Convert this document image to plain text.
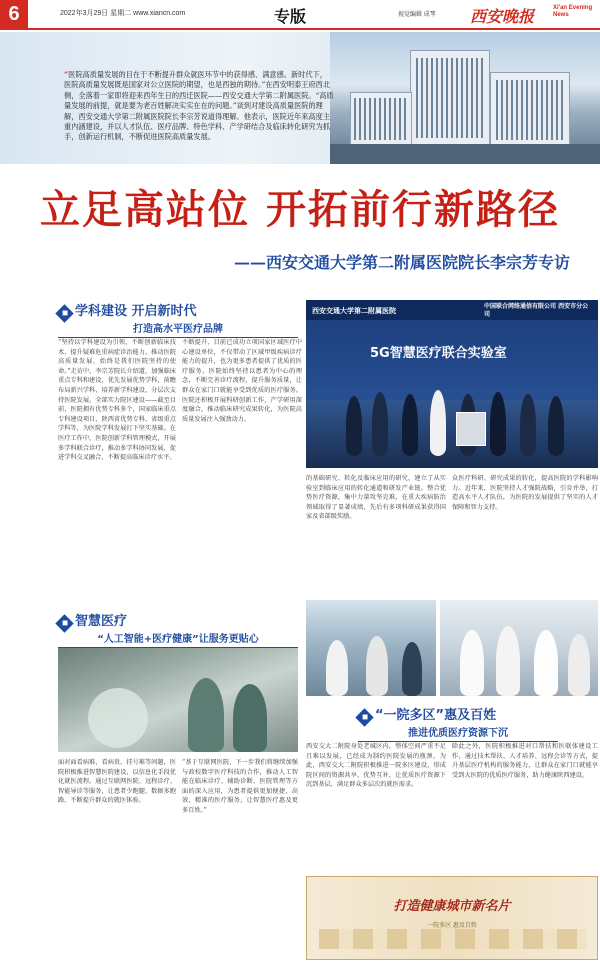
6	2022年3月29日 星期二 www.xiancn.com	专版	视觉编辑 成琴 西安晚报	Xi'an Evening News
“医院高质量发展的目在于不断提升群众就医环节中的获得感、满意感。新时代下，医院高质量发展既是国家对公立医院的期望，也是西独的期待。”在西安明泰王府西北侧，全落着一家即将迎来西年生日的西迁医院——西安交通大学第二附属医院。“高质量发展的前提，就是要为老百姓解决实实在在的问题。”谈到对建设高质量医院的理解，西安交通大学第二附属医院院长李宗芳说道得理解。他表示，医院近年来高度主重内涵建设，并以人才队伍、医疗品牌、特色学科、产学研结合及临床转化研究为抓手，创新运行机制，不断促进医院高质量发展。
立足高站位 开拓前行新路径
——西安交通大学第二附属医院院长李宗芳专访
◆ 学科建设 开启新时代
打造高水平医疗品牌
“坚持以学科建设为引领，不断创新临床技术，提升疑难危重病症诊治能力，推动医院高质量发展，始终是我们医院坚持的使命。”走访中，李宗芳院长介绍道，加强临床重点专科和建设，优先发展优势学科，前瞻布局新兴学科，培养新学科建设、分层次支持医院发展，全部实力院区建设——截至目前，医院拥有优势专科多个，国家临床重点专科建设项目，陕西省优势专科、省级重点学科等，为医院学科发展打下坚实基础。在医疗工作中，医院创新学科管理模式，开展多学科联合诊疗，推动多学科协同发展，促进学科交叉融合，不断提高临床诊疗水平。
不断提升，目前已成功立项国家区域医疗中心建设单位，不仅带动了区域甲级疾病诊疗能力的提升，也为更多患者提供了优质的医疗服务。医院始终坚持以患者为中心的理念，不断完善诊疗流程，提升服务质量，让群众在家门口就能享受到优质的医疗服务。医院还积极开展科研创新工作，产学研用深度融合，推动临床研究成果转化，为医院高质量发展注入强劲动力。
西安交通大学第二附属医院
中国联合网络通信有限公司 西安市分公司
5G智慧医疗联合实验室
的基础研究、转化及临床应用的研究，建立了从实验室到临床应用的转化通道和研发产业链。整合优势医疗资源，集中力量攻坚克难，在重大疾病防治领域取得了显著成绩，先后有多项科研成果获得国家及省部级奖励。
众医疗科研、研究成果的转化，提高医院的学科影响力。近年来，医院坚持人才强院战略，引育并举，打造高水平人才队伍，为医院的发展提供了坚实的人才保障和智力支持。
◆ 智慧医疗
“人工智能+医疗健康”让服务更贴心
面对面看病难、看病贵、挂号难等问题，医院积极推进智慧医院建设，以信息化手段优化就医流程。通过互联网医院、远程诊疗、智能导诊等服务，让患者少跑腿、数据多跑路，不断提升群众的就医体验。
“基于互联网医院，下一步我们将继续加强与政校数字医疗科技的合作，推动人工智能在临床诊疗、辅助诊断、医院管理等方面的深入应用，为患者提供更加便捷、高效、精准的医疗服务，让智慧医疗惠及更多百姓。”
◆ “一院多区”惠及百姓
推进优质医疗资源下沉
西安交大二附院身处老城区内，整体空间严重不足且难以发展，已经成为制约医院发展的瓶颈。为此，西安交大二附院积极推进一院多区建设，形成院区间的资源共享、优势互补，让优质医疗资源下沉到基层，满足群众多层次的就医需求。
除此之外，医院积极推进对口帮扶和医联体建设工作，通过技术帮扶、人才培养、远程会诊等方式，提升基层医疗机构的服务能力，让群众在家门口就能享受到大医院的优质医疗服务，助力健康陕西建设。
打造健康城市新名片
一院多区 惠及百姓
